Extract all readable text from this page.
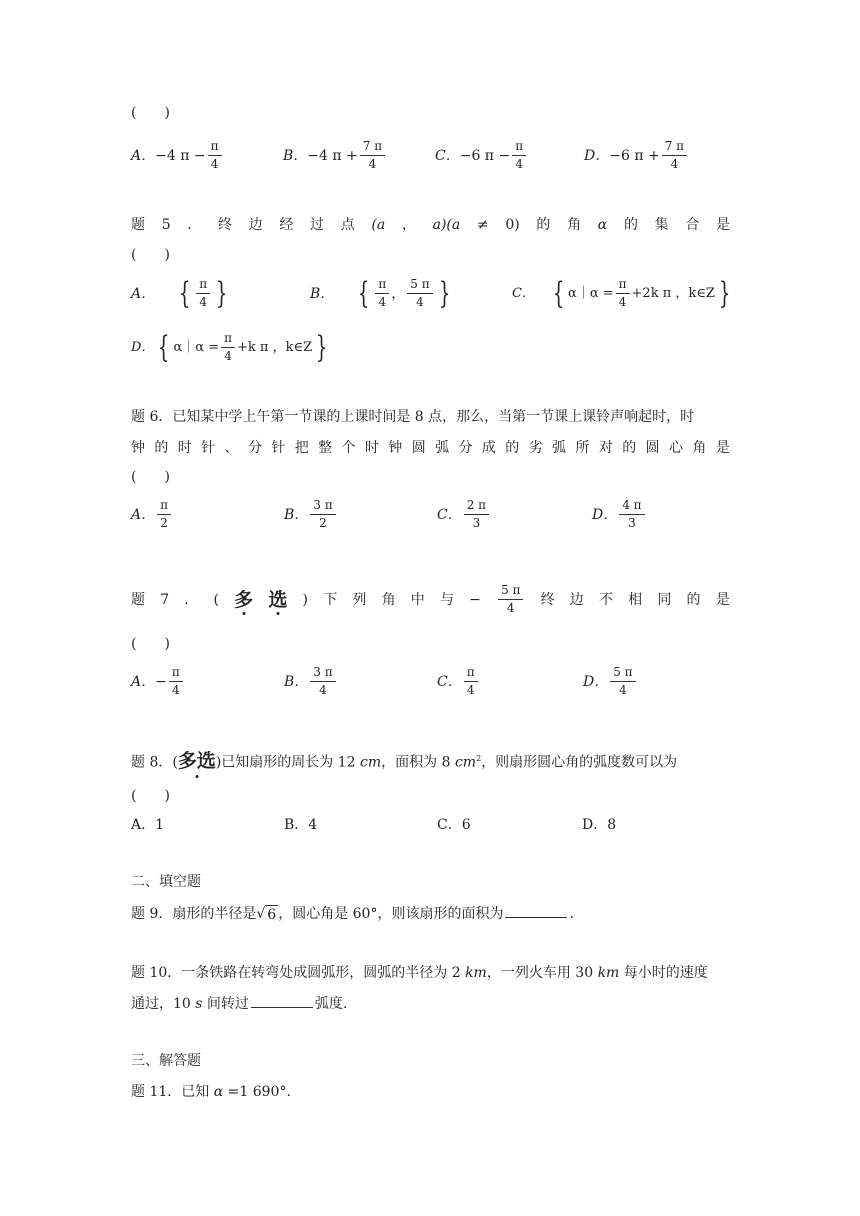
(　　)
A． −4 $\pi - \frac{\pi}{4}$	B． −4 $\pi + \frac{7 \pi}{4}$	C． −6 $\pi - \frac{\pi}{4}$	D． −6 $\pi + \frac{7 \pi}{4}$
题 5 ． 终 边 经 过 点 (a ， a)(a ≠ 0) 的 角 α 的 集 合 是
(　　)
A． { $\frac{\pi}{4}$ }	B． { $\frac{\pi}{4}$ ， $\frac{5 \pi}{4}$ }	C． { α｜α = $\frac{\pi}{4} +2k$ π ，k∈Z }
D． { α｜α = $\frac{\pi}{4} +k$ π ，k∈Z }
题 6．已知某中学上午第一节课的上课时间是 8 点，那么，当第一节课上课铃声响起时，时
钟 的 时 针 、 分 针 把 整 个 时 钟 圆 弧 分 成 的 劣 弧 所 对 的 圆 心 角 是
(　　)
A． $\frac{\pi}{2}$	B． $\frac{3 \pi}{2}$	C． $\frac{2 \pi}{3}$	D． $\frac{4 \pi}{3}$
题 7 ． ( 多 选 ) 下 列 角 中 与 − $\frac{5 \pi}{4}$ 终 边 不 相 同 的 是
(　　)
A． − $\frac{\pi}{4}$	B． $\frac{3 \pi}{4}$	C． $\frac{\pi}{4}$	D． $\frac{5 \pi}{4}$
题 8．(多选
)已知扇形的周长为 12 cm，面积为 8 $cm^2$，则扇形圆心角的弧度数可以为
(　　)
A．1	B．4	C．6	D．8
二、填空题
题 9．扇形的半径是√ 6 ，圆心角是 60°，则该扇形的面积为	.
题 10．一条铁路在转弯处成圆弧形，圆弧的半径为 2 km，一列火车用 30 km 每小时的速度
通过，10 s 间转过	弧度.
三、解答题
题 11．已知 α =1 690°.
